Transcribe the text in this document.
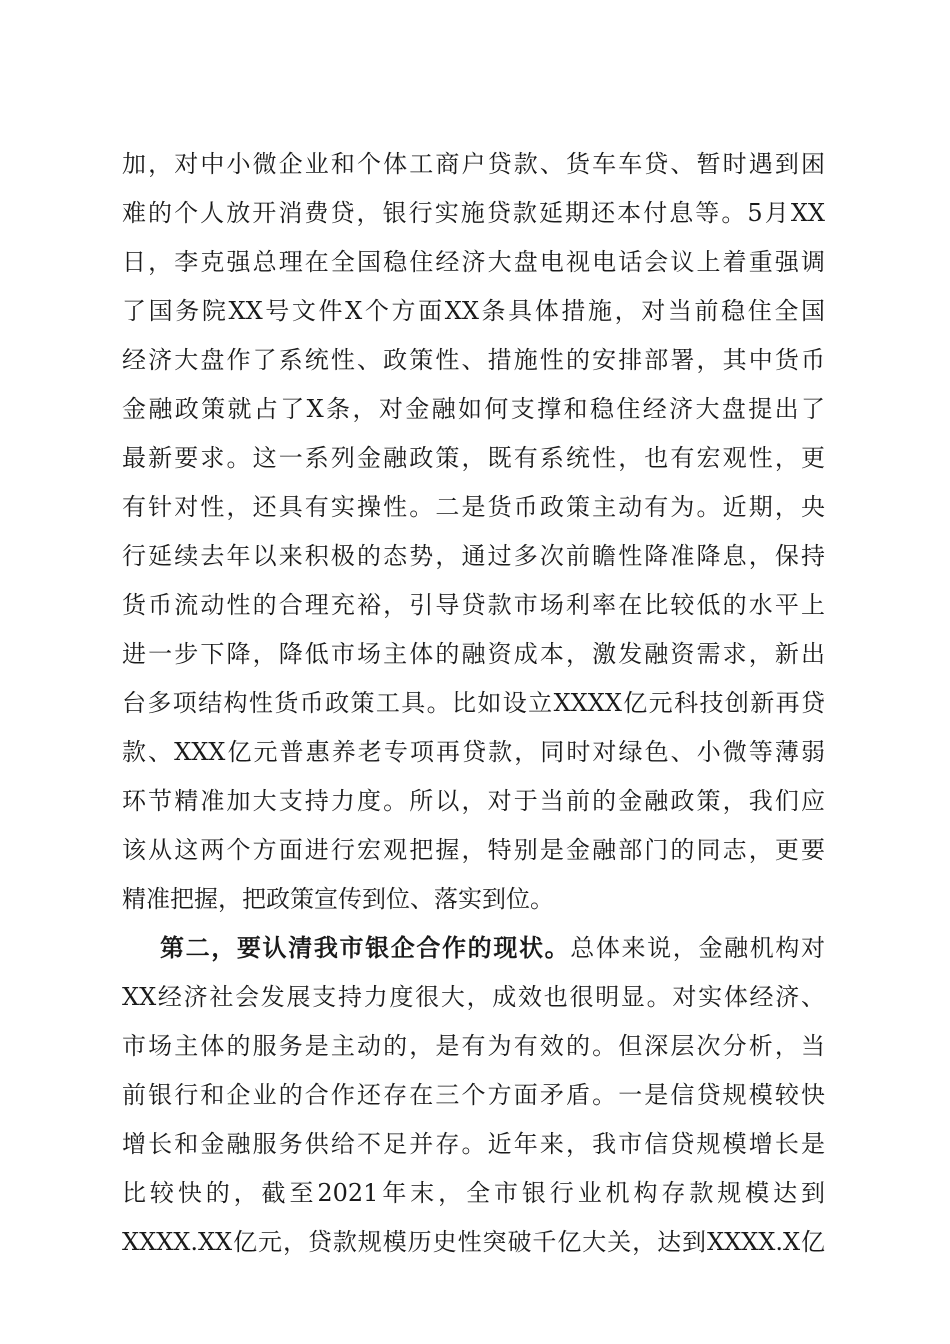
加，对中小微企业和个体工商户贷款、货车车贷、暂时遇到困
难的个人放开消费贷，银行实施贷款延期还本付息等。5月XX
日，李克强总理在全国稳住经济大盘电视电话会议上着重强调
了国务院XX号文件X个方面XX条具体措施，对当前稳住全国
经济大盘作了系统性、政策性、措施性的安排部署，其中货币
金融政策就占了X条，对金融如何支撑和稳住经济大盘提出了
最新要求。这一系列金融政策，既有系统性，也有宏观性，更
有针对性，还具有实操性。二是货币政策主动有为。近期，央
行延续去年以来积极的态势，通过多次前瞻性降准降息，保持
货币流动性的合理充裕，引导贷款市场利率在比较低的水平上
进一步下降，降低市场主体的融资成本，激发融资需求，新出
台多项结构性货币政策工具。比如设立XXXX亿元科技创新再贷
款、XXX亿元普惠养老专项再贷款，同时对绿色、小微等薄弱
环节精准加大支持力度。所以，对于当前的金融政策，我们应
该从这两个方面进行宏观把握，特别是金融部门的同志，更要
精准把握，把政策宣传到位、落实到位。
第二，要认清我市银企合作的现状。总体来说，金融机构对
XX经济社会发展支持力度很大，成效也很明显。对实体经济、
市场主体的服务是主动的，是有为有效的。但深层次分析，当
前银行和企业的合作还存在三个方面矛盾。一是信贷规模较快
增长和金融服务供给不足并存。近年来，我市信贷规模增长是
比较快的，截至2021年末，全市银行业机构存款规模达到
XXXX.XX亿元，贷款规模历史性突破千亿大关，达到XXXX.X亿
